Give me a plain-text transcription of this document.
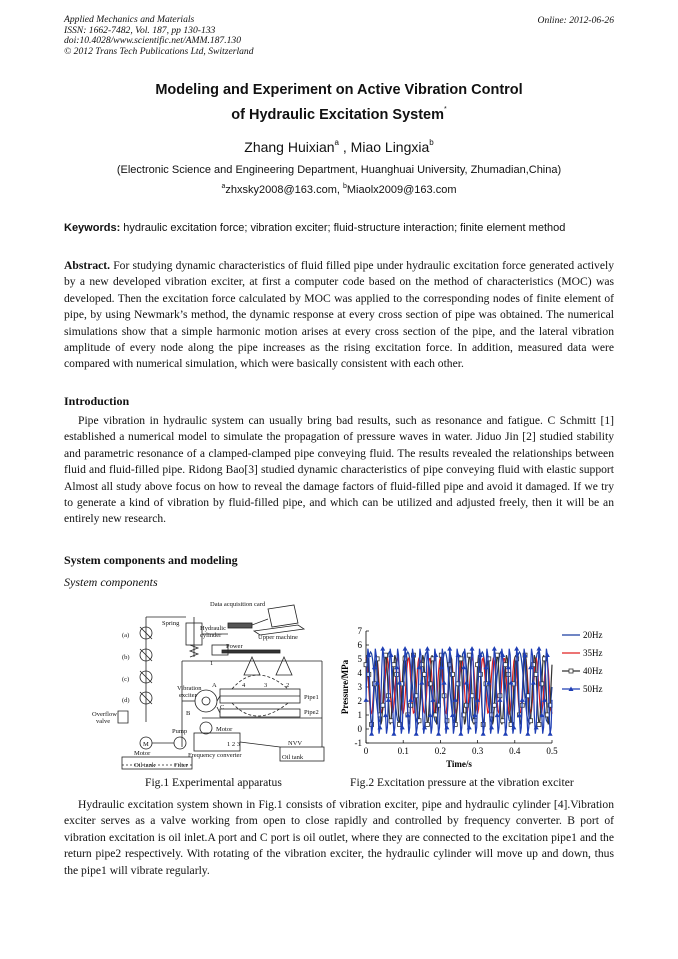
Applied Mechanics and Materials
ISSN: 1662-7482, Vol. 187, pp 130-133
doi:10.4028/www.scientific.net/AMM.187.130
© 2012 Trans Tech Publications Ltd, Switzerland
Online: 2012-06-26
Modeling and Experiment on Active Vibration Control
of Hydraulic Excitation System*
Zhang Huixian$^a$ , Miao Lingxia$^b$
(Electronic Science and Engineering Department, Huanghuai University, Zhumadian,China)
$^a$zhxsky2008@163.com, $^b$Miaolx2009@163.com
Keywords: hydraulic excitation force; vibration exciter; fluid-structure interaction; finite element method
Abstract. For studying dynamic characteristics of fluid filled pipe under hydraulic excitation force generated actively by a new developed vibration exciter, at first a computer code based on the method of characteristics (MOC) was developed. Then the excitation force calculated by MOC was applied to the corresponding nodes of finite element of pipe, by using Newmark’s method, the dynamic response at every cross section of pipe was obtained. The numerical simulations show that a simple harmonic motion arises at every cross section of the pipe, and the lateral vibration amplitude of every node along the pipe increases as the rising excitation force. In addition, measured data were compared with numerical simulation, which were basically consistent with each other.
Introduction
Pipe vibration in hydraulic system can usually bring bad results, such as resonance and fatigue. C Schmitt [1] established a numerical model to simulate the propagation of pressure waves in water. Jiduo Jin [2] studied stability and parametric resonance of a clamped-clamped pipe conveying fluid. The results revealed the relationships between fluid and fluid-filled pipe. Ridong Bao[3] studied dynamic characteristics of pipe conveying fluid with elastic support Almost all study above focus on how to reveal the damage factors of fluid-filled pipe and avoid it damaged. If we try to generate a kind of vibration by fluid-filled pipe, and which can be utilized and adjusted freely, then it will be an entirely new research.
System components and modeling
System components
Data acquisition card
Spring
Hydraulic
cylinder	Upper machine
Power
(a)
(b)
(c)
(d)
Vibration
exciter	Pipe1
Pipe2
Overflow
valve
Pump	Motor
Motor	Frequency converter
Oil tank	Filter
Oil tank
M
4	3	2
A
B
C
1
1 2 3	NVV	-1
0
1
2
3
4
5
6
7
0	0.1	0.2	0.3	0.4	0.5
Time/s
Pressure/MPa
20Hz
35Hz
40Hz
50Hz
Fig.1 Experimental apparatus	Fig.2 Excitation pressure at the vibration exciter
Hydraulic excitation system shown in Fig.1 consists of vibration exciter, pipe and hydraulic cylinder [4].Vibration exciter serves as a valve working from open to close rapidly and controlled by frequency converter. B port of vibration excitation is oil inlet.A port and C port is oil outlet, where they are connected to the excitation pipe1 and the return pipe2 respectively. With rotating of the vibration exciter, the hydraulic cylinder will move up and down, thus the pipe1 will vibrate regularly.
